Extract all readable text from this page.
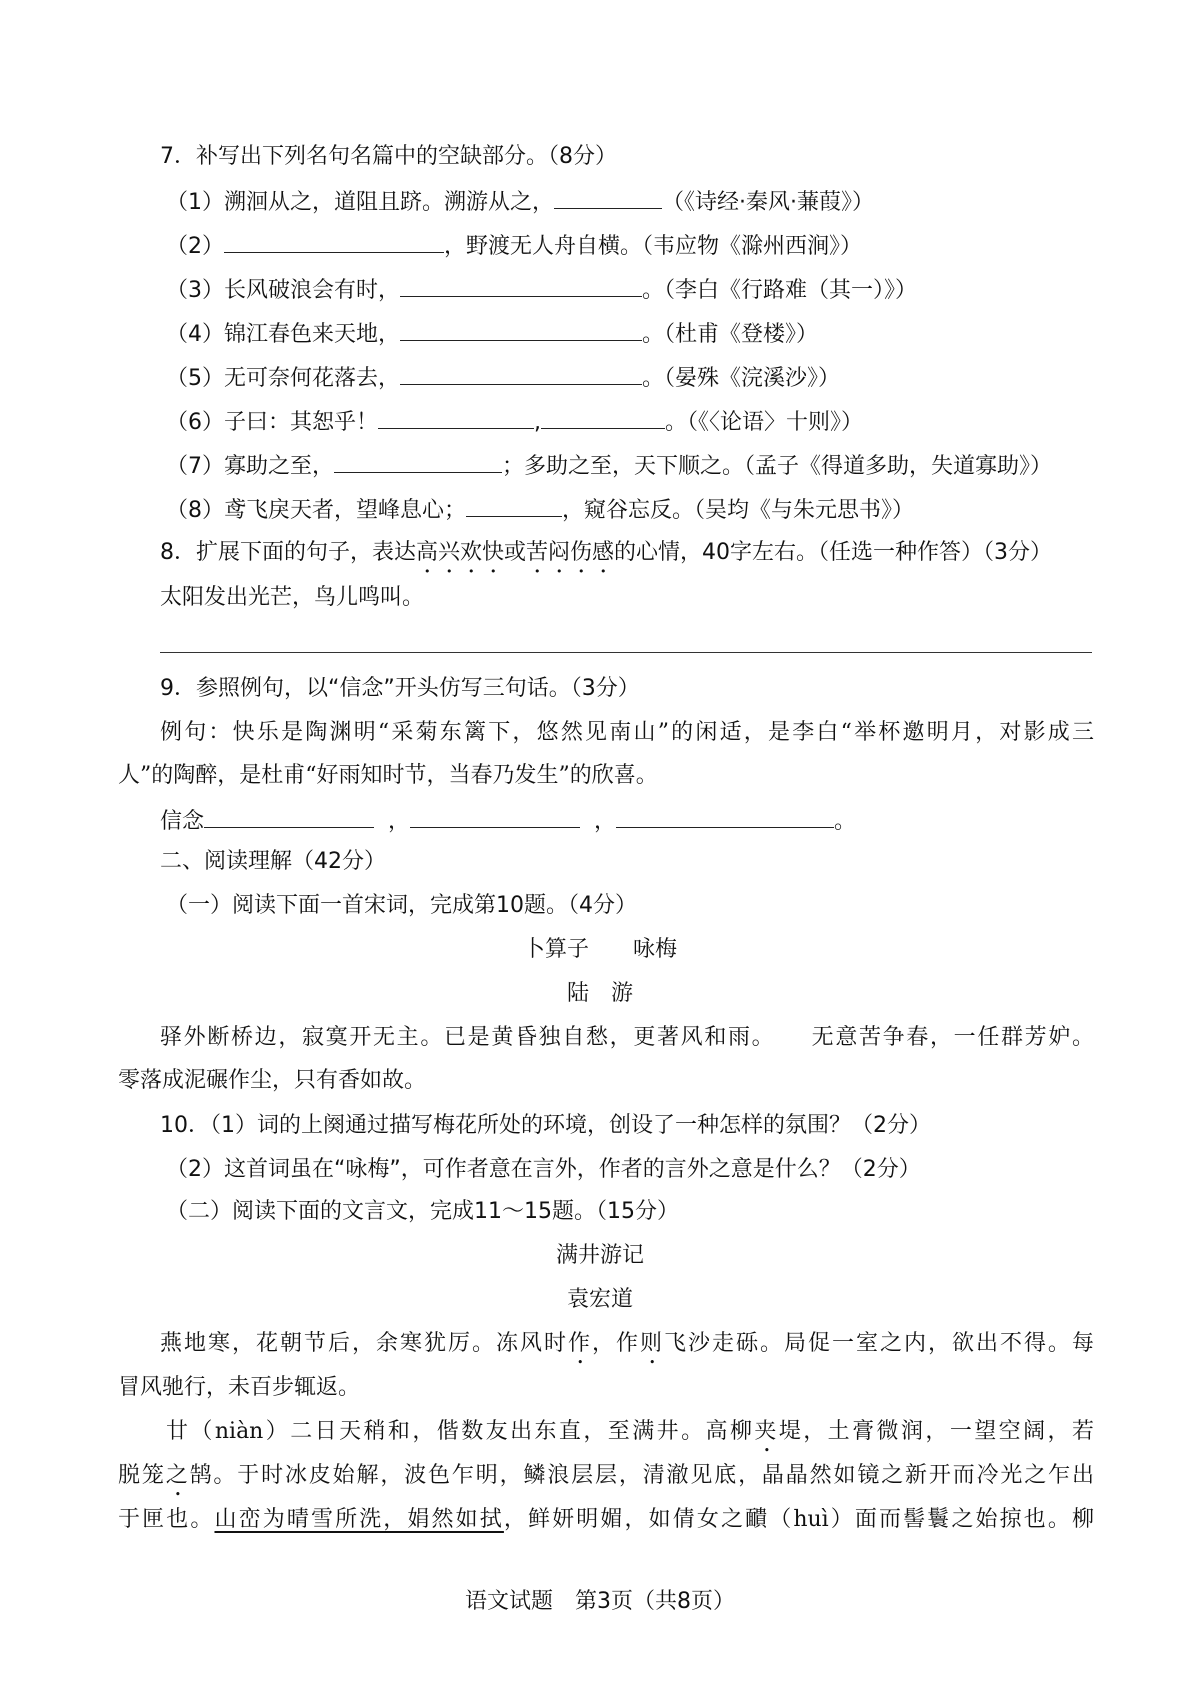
7．补写出下列名句名篇中的空缺部分。（8分）
（1）溯洄从之，道阻且跻。溯游从之，	（《诗经·秦风·蒹葭》）
（2）	，野渡无人舟自横。（韦应物《滁州西涧》）
（3）长风破浪会有时，	。（李白《行路难（其一）》）
（4）锦江春色来天地，	。（杜甫《登楼》）
（5）无可奈何花落去，	。（晏殊《浣溪沙》）
（6）子曰：其恕乎！	,	。（《〈论语〉十则》）
（7）寡助之至，	；多助之至，天下顺之。（孟子《得道多助，失道寡助》）
（8）鸢飞戾天者，望峰息心；	，窥谷忘反。（吴均《与朱元思书》）
8．扩展下面的句子，表达高兴欢快或苦闷伤感的心情，40字左右。（任选一种作答）（3分）
太阳发出光芒，鸟儿鸣叫。
9．参照例句，以“信念”开头仿写三句话。（3分）
例句：快乐是陶渊明“采菊东篱下，悠然见南山”的闲适，是李白“举杯邀明月，对影成三
人”的陶醉，是杜甫“好雨知时节，当春乃发生”的欣喜。
信念	，	，	。
二、阅读理解（42分）
（一）阅读下面一首宋词，完成第10题。（4分）
卜算子　　咏梅
陆　游
驿外断桥边，寂寞开无主。已是黄昏独自愁，更著风和雨。　　无意苦争春，一任群芳妒。
零落成泥碾作尘，只有香如故。
10．（1）词的上阕通过描写梅花所处的环境，创设了一种怎样的氛围？（2分）
（2）这首词虽在“咏梅”，可作者意在言外，作者的言外之意是什么？（2分）
（二）阅读下面的文言文，完成11～15题。（15分）
满井游记
袁宏道
燕地寒，花朝节后，余寒犹厉。冻风时作，作则飞沙走砾。局促一室之内，欲出不得。每
冒风驰行，未百步辄返。
廿（niàn）二日天稍和，偕数友出东直，至满井。高柳夹堤，土膏微润，一望空阔，若
脱笼之鹄。于时冰皮始解，波色乍明，鳞浪层层，清澈见底，晶晶然如镜之新开而冷光之乍出
于匣也。山峦为晴雪所洗，娟然如拭，鲜妍明媚，如倩女之靧（huì）面而髻鬟之始掠也。柳
语文试题　第3页（共8页）
